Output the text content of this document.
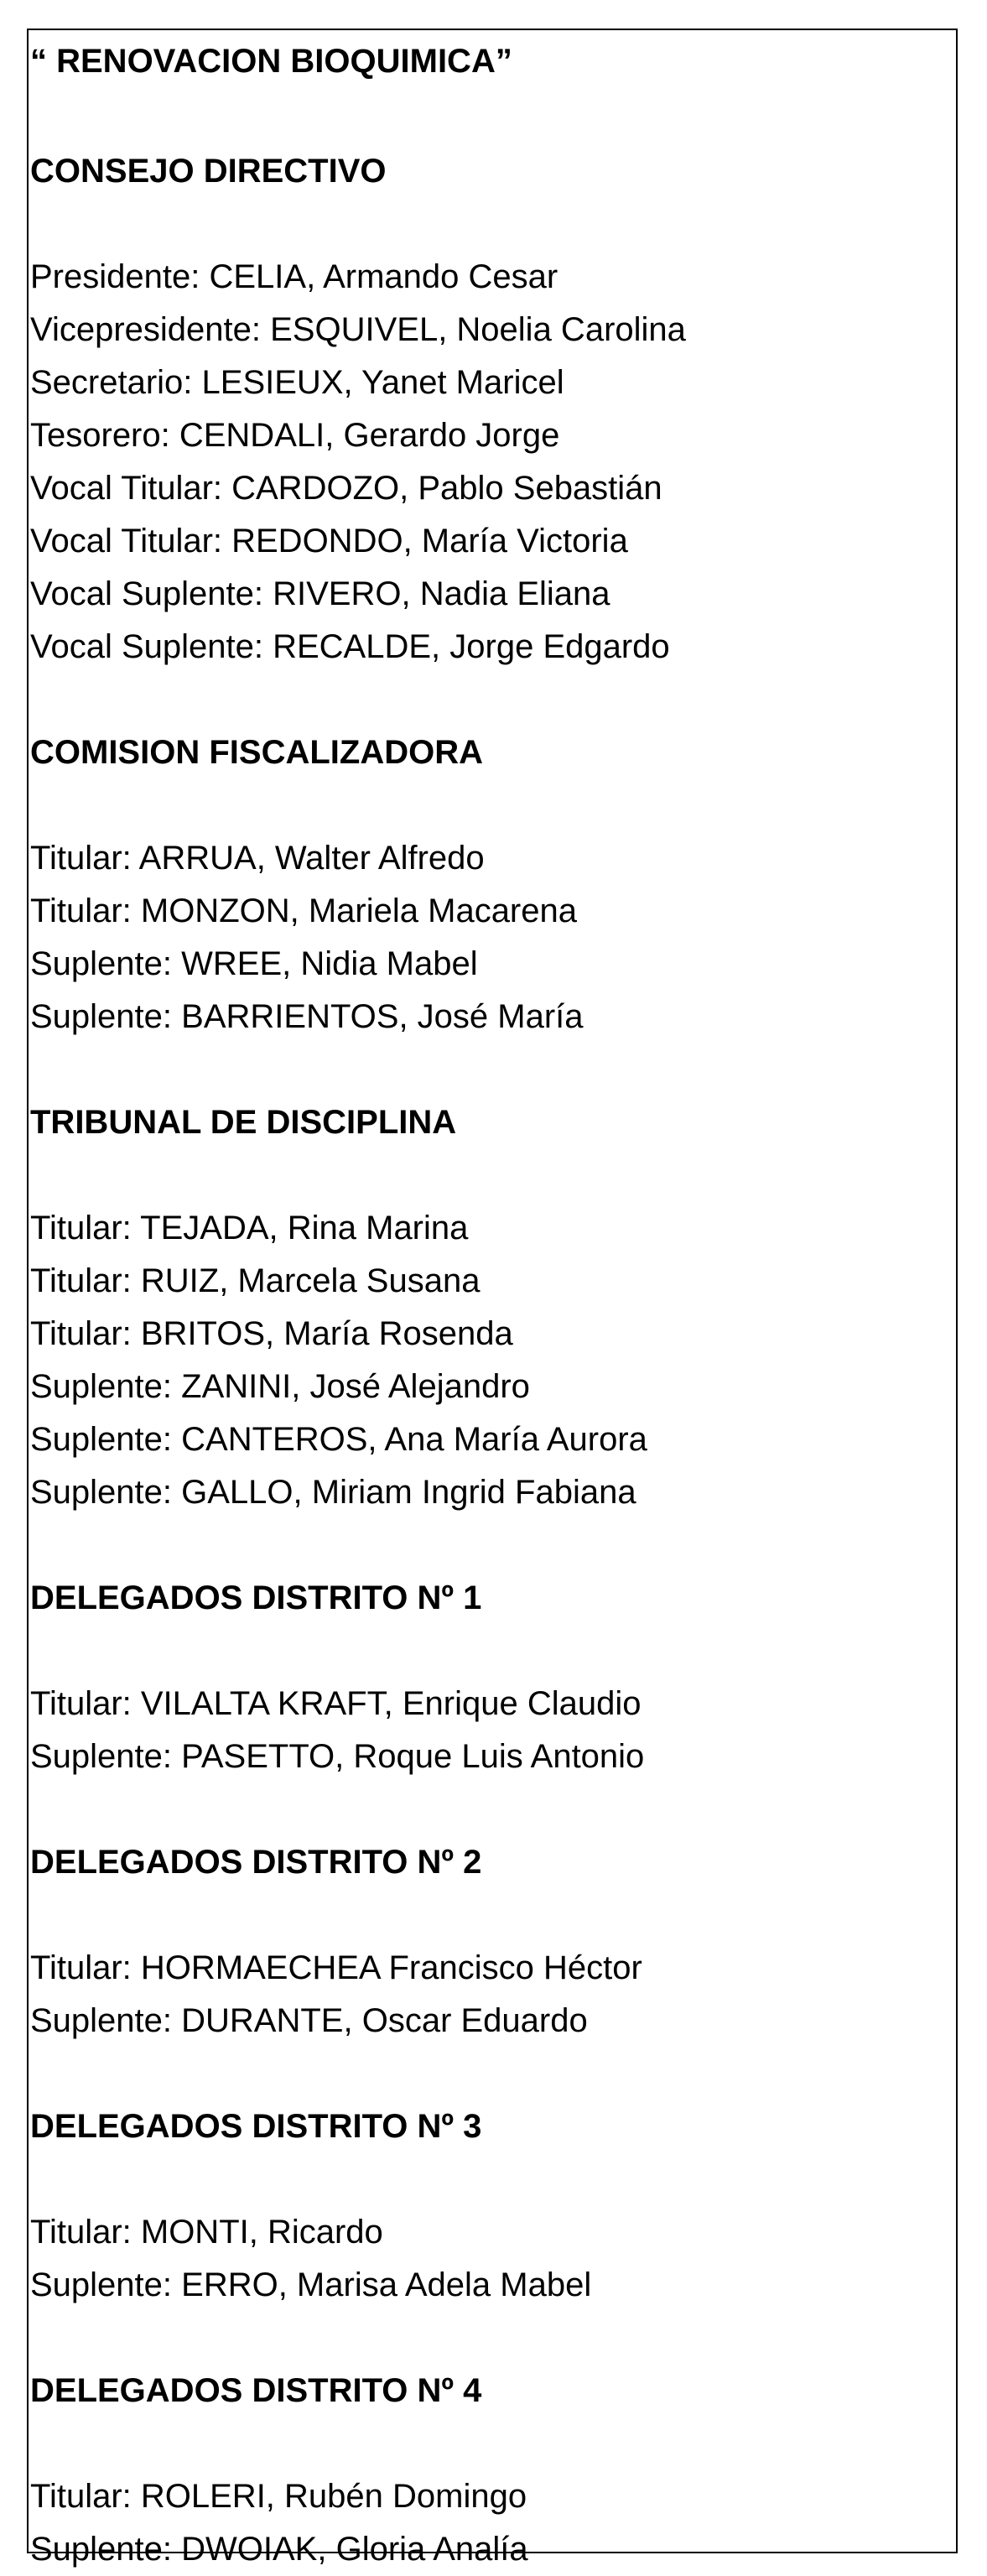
“ RENOVACION BIOQUIMICA”
CONSEJO DIRECTIVO
Presidente: CELIA, Armando Cesar
Vicepresidente: ESQUIVEL, Noelia Carolina
Secretario: LESIEUX, Yanet Maricel
Tesorero: CENDALI, Gerardo Jorge
Vocal Titular: CARDOZO, Pablo Sebastián
Vocal Titular: REDONDO, María Victoria
Vocal Suplente: RIVERO, Nadia Eliana
Vocal Suplente: RECALDE, Jorge Edgardo
COMISION FISCALIZADORA
Titular: ARRUA, Walter Alfredo
Titular: MONZON, Mariela Macarena
Suplente: WREE, Nidia Mabel
Suplente: BARRIENTOS, José María
TRIBUNAL DE DISCIPLINA
Titular: TEJADA, Rina Marina
Titular: RUIZ, Marcela Susana
Titular: BRITOS, María Rosenda
Suplente: ZANINI, José Alejandro
Suplente: CANTEROS, Ana María Aurora
Suplente: GALLO, Miriam Ingrid Fabiana
DELEGADOS DISTRITO Nº 1
Titular: VILALTA KRAFT, Enrique Claudio
Suplente: PASETTO, Roque Luis Antonio
DELEGADOS DISTRITO Nº 2
Titular: HORMAECHEA Francisco Héctor
Suplente: DURANTE, Oscar Eduardo
DELEGADOS DISTRITO Nº 3
Titular: MONTI, Ricardo
Suplente: ERRO, Marisa Adela Mabel
DELEGADOS DISTRITO Nº 4
Titular: ROLERI, Rubén Domingo
Suplente: DWOIAK, Gloria Analía
